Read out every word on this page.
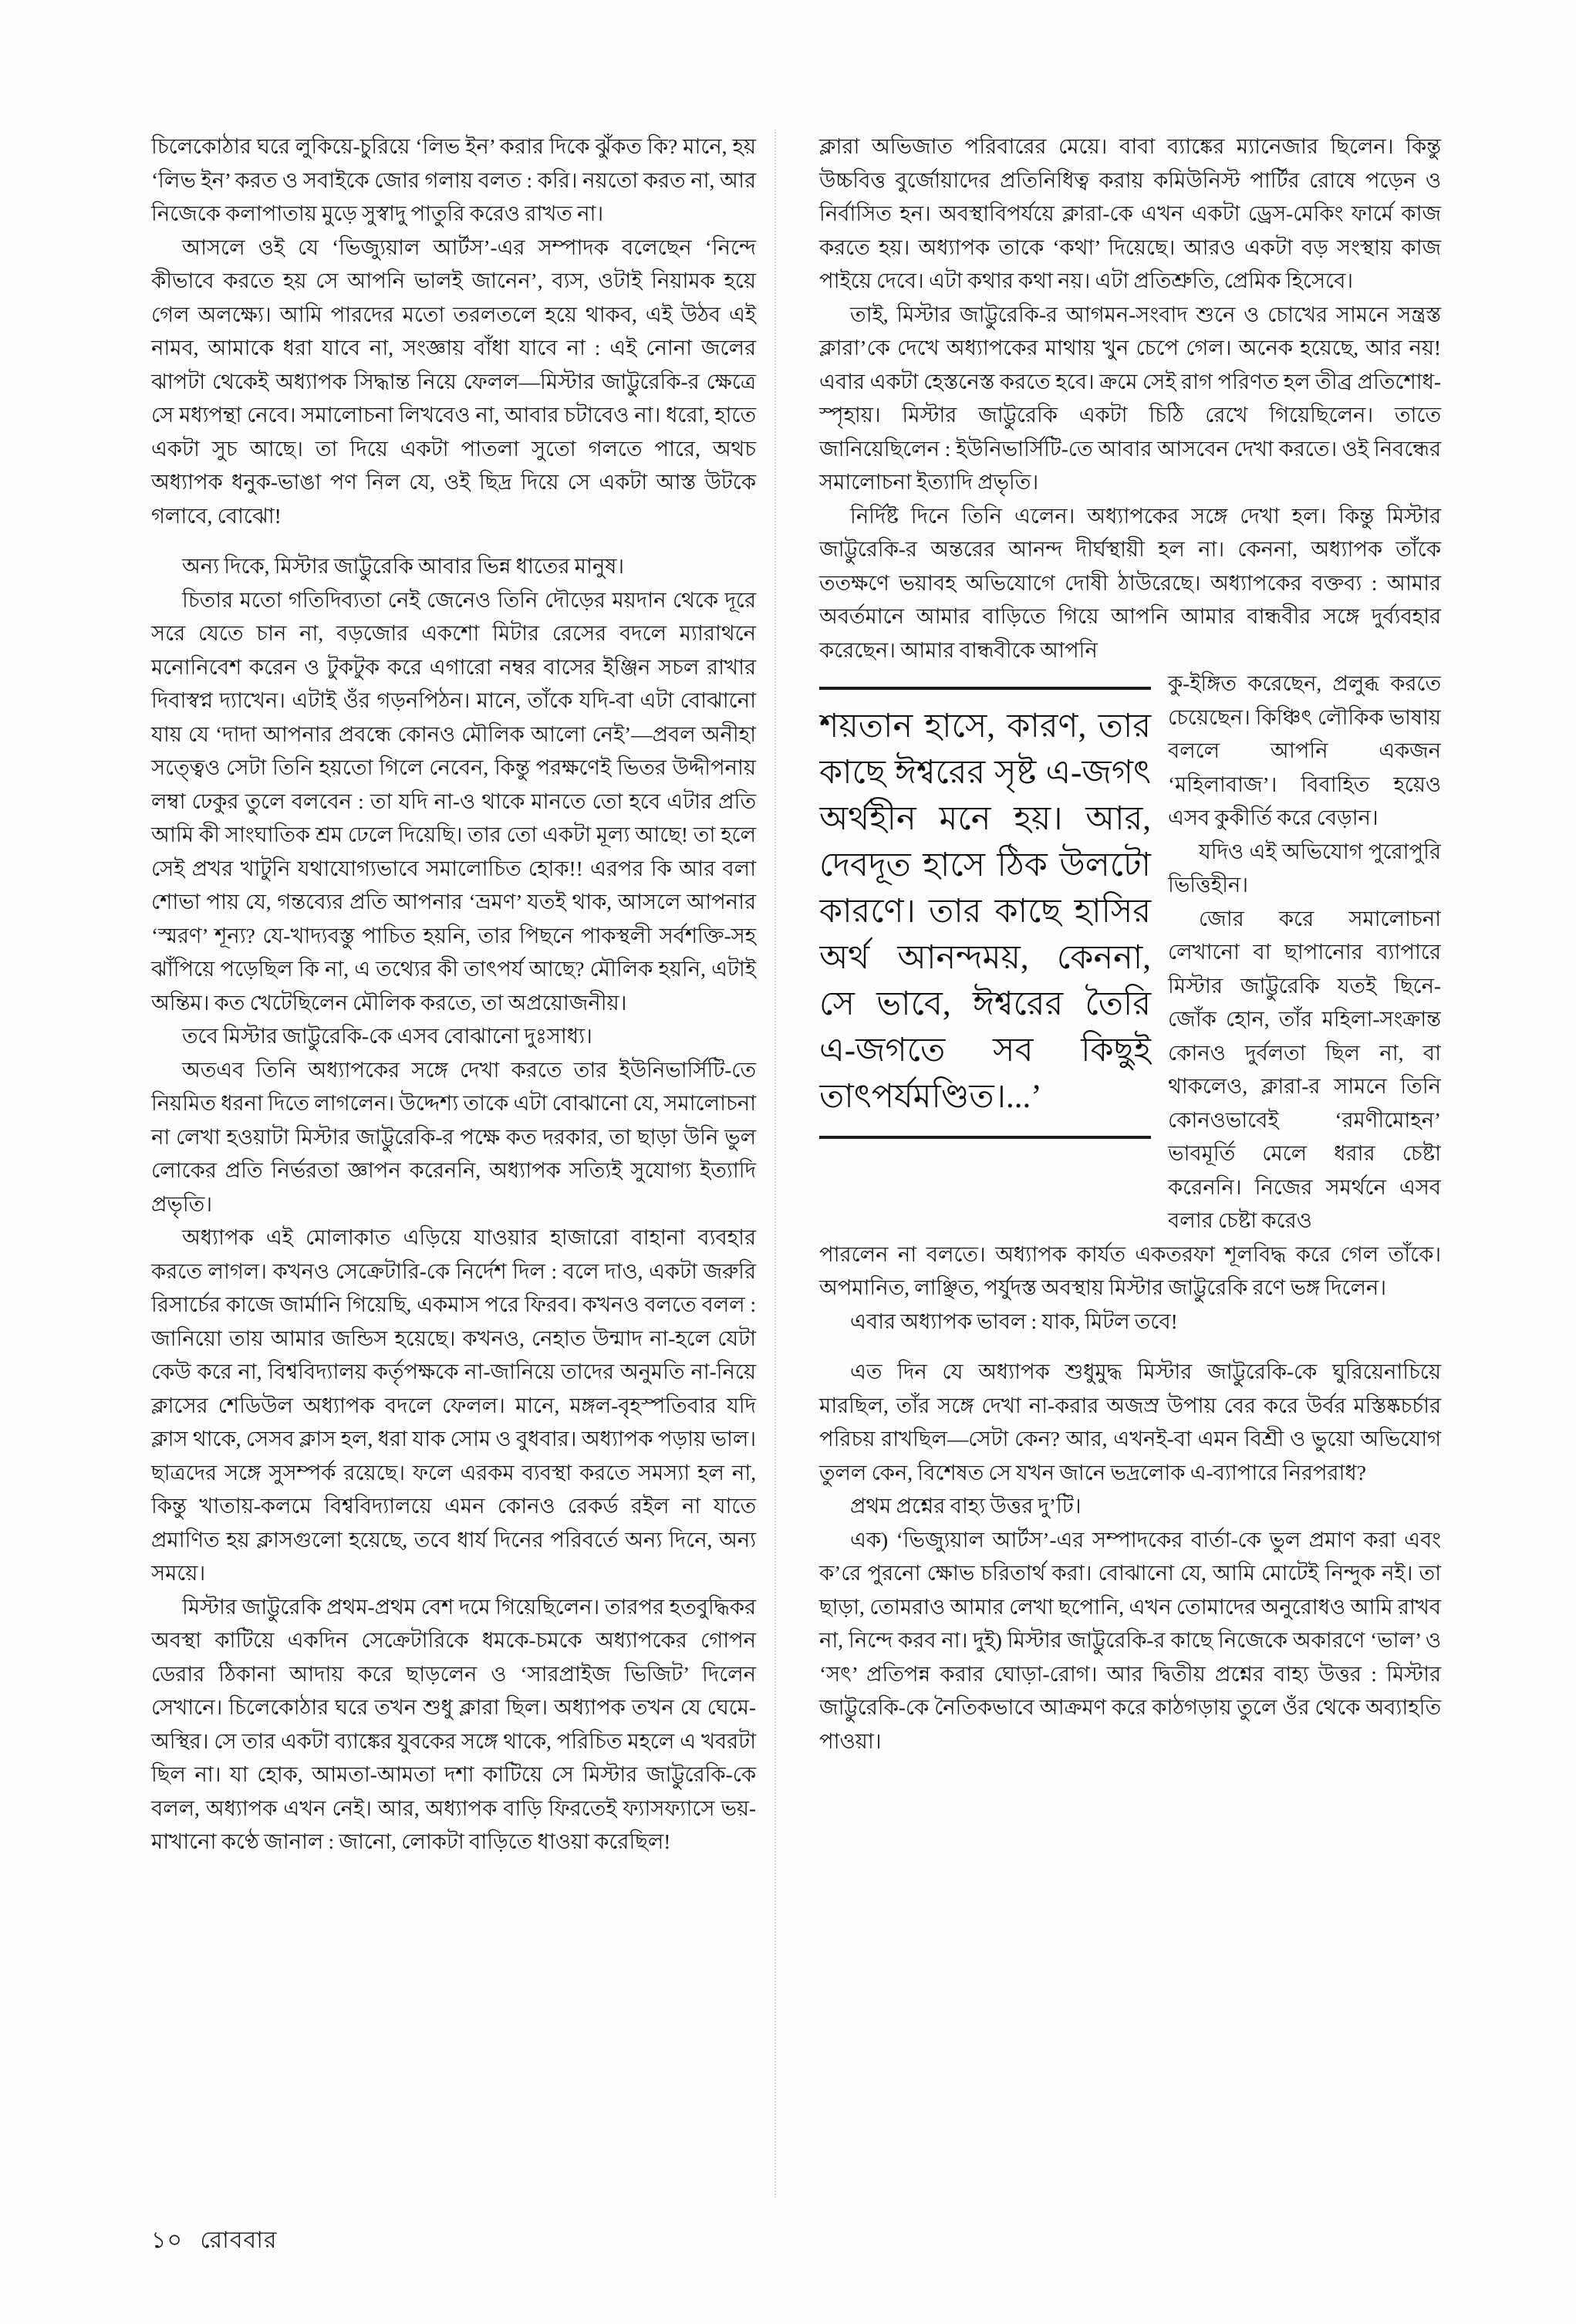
চিলেকোঠার ঘরে লুকিয়ে-চুরিয়ে ‘লিভ ইন’ করার দিকে ঝুঁকত কি? মানে, হয় ‘লিভ ইন’ করত ও সবাইকে জোর গলায় বলত : করি। নয়তো করত না, আর নিজেকে কলাপাতায় মুড়ে সুস্বাদু পাতুরি করেও রাখত না।

আসলে ওই যে ‘ভিজ্যুয়াল আর্টস’-এর সম্পাদক বলেছেন ‘নিন্দে কীভাবে করতে হয় সে আপনি ভালই জানেন’, ব্যস, ওটাই নিয়ামক হয়ে গেল অলক্ষ্যে। আমি পারদের মতো তরলতলে হয়ে থাকব, এই উঠব এই নামব, আমাকে ধরা যাবে না, সংজ্ঞায় বাঁধা যাবে না : এই নোনা জলের ঝাপটা থেকেই অধ্যাপক সিদ্ধান্ত নিয়ে ফেলল—মিস্টার জাট্টুরেকি-র ক্ষেত্রে সে মধ্যপন্থা নেবে। সমালোচনা লিখবেও না, আবার চটাবেও না। ধরো, হাতে একটা সুচ আছে। তা দিয়ে একটা পাতলা সুতো গলতে পারে, অথচ অধ্যাপক ধনুক-ভাঙা পণ নিল যে, ওই ছিদ্র দিয়ে সে একটা আস্ত উটকে গলাবে, বোঝো!

অন্য দিকে, মিস্টার জাট্টুরেকি আবার ভিন্ন ধাতের মানুষ।

চিতার মতো গতিদিব্যতা নেই জেনেও তিনি দৌড়ের ময়দান থেকে দূরে সরে যেতে চান না, বড়জোর একশো মিটার রেসের বদলে ম্যারাথনে মনোনিবেশ করেন ও টুকটুক করে এগারো নম্বর বাসের ইঞ্জিন সচল রাখার দিবাস্বপ্ন দ্যাখেন। এটাই ওঁর গড়নপিঠন। মানে, তাঁকে যদি-বা এটা বোঝানো যায় যে ‘দাদা আপনার প্রবন্ধে কোনও মৌলিক আলো নেই’—প্রবল অনীহা সত্ত্বেও সেটা তিনি হয়তো গিলে নেবেন, কিন্তু পরক্ষণেই ভিতর উদ্দীপনায় লম্বা ঢেকুর তুলে বলবেন : তা যদি না-ও থাকে মানতে তো হবে এটার প্রতি আমি কী সাংঘাতিক শ্রম ঢেলে দিয়েছি। তার তো একটা মূল্য আছে! তা হলে সেই প্রখর খাটুনি যথাযোগ্যভাবে সমালোচিত হোক!! এরপর কি আর বলা শোভা পায় যে, গন্তব্যের প্রতি আপনার ‘ভ্রমণ’ যতই থাক, আসলে আপনার ‘স্মরণ’ শূন্য? যে-খাদ্যবস্তু পাচিত হয়নি, তার পিছনে পাকস্থলী সর্বশক্তি-সহ ঝাঁপিয়ে পড়েছিল কি না, এ তথ্যের কী তাৎপর্য আছে? মৌলিক হয়নি, এটাই অন্তিম। কত খেটেছিলেন মৌলিক করতে, তা অপ্রয়োজনীয়।

তবে মিস্টার জাট্টুরেকি-কে এসব বোঝানো দুঃসাধ্য।

অতএব তিনি অধ্যাপকের সঙ্গে দেখা করতে তার ইউনিভার্সিটি-তে নিয়মিত ধরনা দিতে লাগলেন। উদ্দেশ্য তাকে এটা বোঝানো যে, সমালোচনা না লেখা হওয়াটা মিস্টার জাট্টুরেকি-র পক্ষে কত দরকার, তা ছাড়া উনি ভুল লোকের প্রতি নির্ভরতা জ্ঞাপন করেননি, অধ্যাপক সত্যিই সুযোগ্য ইত্যাদি প্রভৃতি।

অধ্যাপক এই মোলাকাত এড়িয়ে যাওয়ার হাজারো বাহানা ব্যবহার করতে লাগল। কখনও সেক্রেটারি-কে নির্দেশ দিল : বলে দাও, একটা জরুরি রিসার্চের কাজে জার্মানি গিয়েছি, একমাস পরে ফিরব। কখনও বলতে বলল : জানিয়ো তায় আমার জন্ডিস হয়েছে। কখনও, নেহাত উন্মাদ না-হলে যেটা কেউ করে না, বিশ্ববিদ্যালয় কর্তৃপক্ষকে না-জানিয়ে তাদের অনুমতি না-নিয়ে ক্লাসের শেডিউল অধ্যাপক বদলে ফেলল। মানে, মঙ্গল-বৃহস্পতিবার যদি ক্লাস থাকে, সেসব ক্লাস হল, ধরা যাক সোম ও বুধবার। অধ্যাপক পড়ায় ভাল। ছাত্রদের সঙ্গে সুসম্পর্ক রয়েছে। ফলে এরকম ব্যবস্থা করতে সমস্যা হল না, কিন্তু খাতায়-কলমে বিশ্ববিদ্যালয়ে এমন কোনও রেকর্ড রইল না যাতে প্রমাণিত হয় ক্লাসগুলো হয়েছে, তবে ধার্য দিনের পরিবর্তে অন্য দিনে, অন্য সময়ে।

মিস্টার জাট্টুরেকি প্রথম-প্রথম বেশ দমে গিয়েছিলেন। তারপর হতবুদ্ধিকর অবস্থা কাটিয়ে একদিন সেক্রেটারিকে ধমকে-চমকে অধ্যাপকের গোপন ডেরার ঠিকানা আদায় করে ছাড়লেন ও ‘সারপ্রাইজ ভিজিট’ দিলেন সেখানে। চিলেকোঠার ঘরে তখন শুধু ক্লারা ছিল। অধ্যাপক তখন যে ঘেমে-অস্থির। সে তার একটা ব্যাঙ্কের যুবকের সঙ্গে থাকে, পরিচিত মহলে এ খবরটা ছিল না। যা হোক, আমতা-আমতা দশা কাটিয়ে সে মিস্টার জাট্টুরেকি-কে বলল, অধ্যাপক এখন নেই। আর, অধ্যাপক বাড়ি ফিরতেই ফ্যাসফ্যাসে ভয়-মাখানো কণ্ঠে জানাল : জানো, লোকটা বাড়িতে ধাওয়া করেছিল!

ক্লারা অভিজাত পরিবারের মেয়ে। বাবা ব্যাঙ্কের ম্যানেজার ছিলেন। কিন্তু উচ্চবিত্ত বুর্জোয়াদের প্রতিনিধিত্ব করায় কমিউনিস্ট পার্টির রোষে পড়েন ও নির্বাসিত হন। অবস্থাবিপর্যয়ে ক্লারা-কে এখন একটা ড্রেস-মেকিং ফার্মে কাজ করতে হয়। অধ্যাপক তাকে ‘কথা’ দিয়েছে। আরও একটা বড় সংস্থায় কাজ পাইয়ে দেবে। এটা কথার কথা নয়। এটা প্রতিশ্রুতি, প্রেমিক হিসেবে।

তাই, মিস্টার জাট্টুরেকি-র আগমন-সংবাদ শুনে ও চোখের সামনে সন্ত্রস্ত ক্লারা’কে দেখে অধ্যাপকের মাথায় খুন চেপে গেল। অনেক হয়েছে, আর নয়! এবার একটা হেস্তনেস্ত করতে হবে। ক্রমে সেই রাগ পরিণত হল তীব্র প্রতিশোধ-স্পৃহায়। মিস্টার জাট্টুরেকি একটা চিঠি রেখে গিয়েছিলেন। তাতে জানিয়েছিলেন : ইউনিভার্সিটি-তে আবার আসবেন দেখা করতে। ওই নিবন্ধের সমালোচনা ইত্যাদি প্রভৃতি।

নির্দিষ্ট দিনে তিনি এলেন। অধ্যাপকের সঙ্গে দেখা হল। কিন্তু মিস্টার জাট্টুরেকি-র অন্তরের আনন্দ দীর্ঘস্থায়ী হল না। কেননা, অধ্যাপক তাঁকে ততক্ষণে ভয়াবহ অভিযোগে দোষী ঠাউরেছে। অধ্যাপকের বক্তব্য : আমার অবর্তমানে আমার বাড়িতে গিয়ে আপনি আমার বান্ধবীর সঙ্গে দুর্ব্যবহার করেছেন। আমার বান্ধবীকে আপনি

শয়তান হাসে, কারণ, তার কাছে ঈশ্বরের সৃষ্ট এ-জগৎ অর্থহীন মনে হয়। আর, দেবদূত হাসে ঠিক উলটো কারণে। তার কাছে হাসির অর্থ আনন্দময়, কেননা, সে ভাবে, ঈশ্বরের তৈরি এ-জগতে সব কিছুই তাৎপর্যমণ্ডিত।...’

কু-ইঙ্গিত করেছেন, প্রলুব্ধ করতে চেয়েছেন। কিঞ্চিৎ লৌকিক ভাষায় বললে আপনি একজন ‘মহিলাবাজ’। বিবাহিত হয়েও এসব কুকীর্তি করে বেড়ান।

যদিও এই অভিযোগ পুরোপুরি ভিত্তিহীন।

জোর করে সমালোচনা লেখানো বা ছাপানোর ব্যাপারে মিস্টার জাট্টুরেকি যতই ছিনে-জোঁক হোন, তাঁর মহিলা-সংক্রান্ত কোনও দুর্বলতা ছিল না, বা থাকলেও, ক্লারা-র সামনে তিনি কোনওভাবেই ‘রমণীমোহন’ ভাবমূর্তি মেলে ধরার চেষ্টা করেননি। নিজের সমর্থনে এসব বলার চেষ্টা করেও

পারলেন না বলতে। অধ্যাপক কার্যত একতরফা শূলবিদ্ধ করে গেল তাঁকে। অপমানিত, লাঞ্ছিত, পর্যুদস্ত অবস্থায় মিস্টার জাট্টুরেকি রণে ভঙ্গ দিলেন।

এবার অধ্যাপক ভাবল : যাক, মিটল তবে!

এত দিন যে অধ্যাপক শুধুমুদ্ধ মিস্টার জাট্টুরেকি-কে ঘুরিয়েনাচিয়ে মারছিল, তাঁর সঙ্গে দেখা না-করার অজস্র উপায় বের করে উর্বর মস্তিষ্কচর্চার পরিচয় রাখছিল—সেটা কেন? আর, এখনই-বা এমন বিশ্রী ও ভুয়ো অভিযোগ তুলল কেন, বিশেষত সে যখন জানে ভদ্রলোক এ-ব্যাপারে নিরপরাধ?

প্রথম প্রশ্নের বাহ্য উত্তর দু’টি।

এক) ‘ভিজ্যুয়াল আর্টস’-এর সম্পাদকের বার্তা-কে ভুল প্রমাণ করা এবং ক’রে পুরনো ক্ষোভ চরিতার্থ করা। বোঝানো যে, আমি মোটেই নিন্দুক নই। তা ছাড়া, তোমরাও আমার লেখা ছপোনি, এখন তোমাদের অনুরোধও আমি রাখব না, নিন্দে করব না। দুই) মিস্টার জাট্টুরেকি-র কাছে নিজেকে অকারণে ‘ভাল’ ও ‘সৎ’ প্রতিপন্ন করার ঘোড়া-রোগ। আর দ্বিতীয় প্রশ্নের বাহ্য উত্তর : মিস্টার জাট্টুরেকি-কে নৈতিকভাবে আক্রমণ করে কাঠগড়ায় তুলে ওঁর থেকে অব্যাহতি পাওয়া।

১০ রোববার
